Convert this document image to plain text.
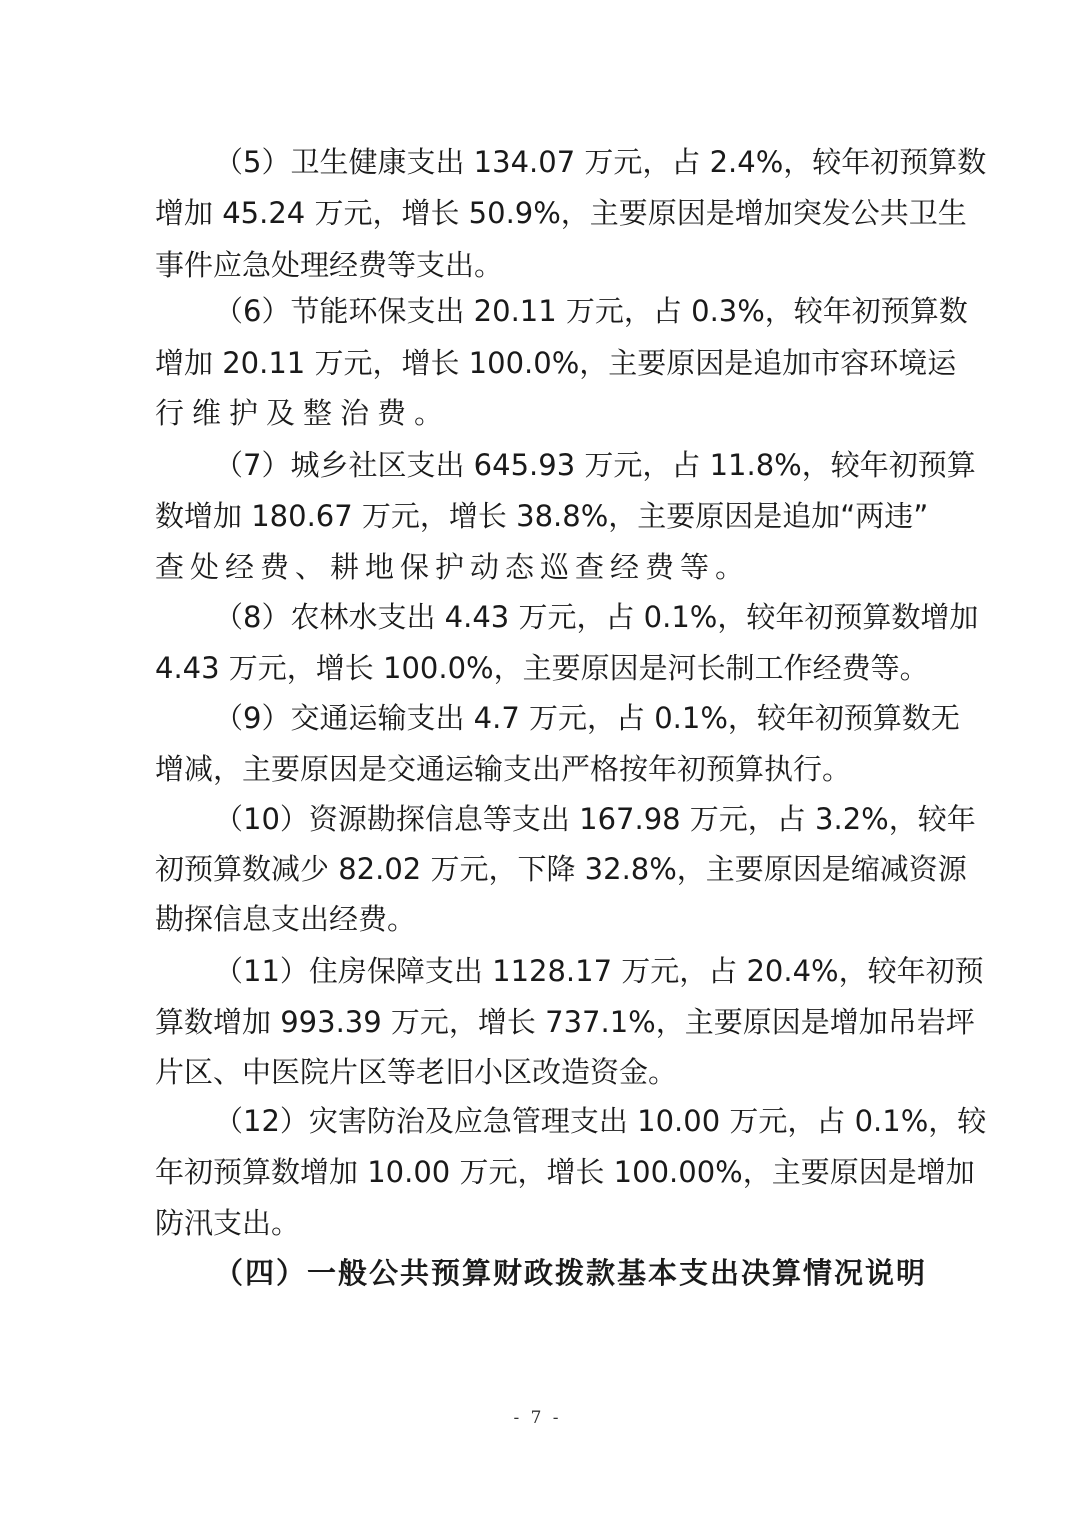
（5）卫生健康支出 134.07 万元，占 2.4%，较年初预算数
增加 45.24 万元，增长 50.9%，主要原因是增加突发公共卫生
事件应急处理经费等支出。
（6）节能环保支出 20.11 万元，占 0.3%，较年初预算数
增加 20.11 万元，增长 100.0%，主要原因是追加市容环境运
行维护及整治费。
（7）城乡社区支出 645.93 万元，占 11.8%，较年初预算
数增加 180.67 万元，增长 38.8%，主要原因是追加“两违”
查处经费、耕地保护动态巡查经费等。
（8）农林水支出 4.43 万元，占 0.1%，较年初预算数增加
4.43 万元，增长 100.0%，主要原因是河长制工作经费等。
（9）交通运输支出 4.7 万元，占 0.1%，较年初预算数无
增减，主要原因是交通运输支出严格按年初预算执行。
（10）资源勘探信息等支出 167.98 万元，占 3.2%，较年
初预算数减少 82.02 万元，下降 32.8%，主要原因是缩减资源
勘探信息支出经费。
（11）住房保障支出 1128.17 万元，占 20.4%，较年初预
算数增加 993.39 万元，增长 737.1%，主要原因是增加吊岩坪
片区、中医院片区等老旧小区改造资金。
（12）灾害防治及应急管理支出 10.00 万元，占 0.1%，较
年初预算数增加 10.00 万元，增长 100.00%，主要原因是增加
防汛支出。
（四）一般公共预算财政拨款基本支出决算情况说明
- 7 -
